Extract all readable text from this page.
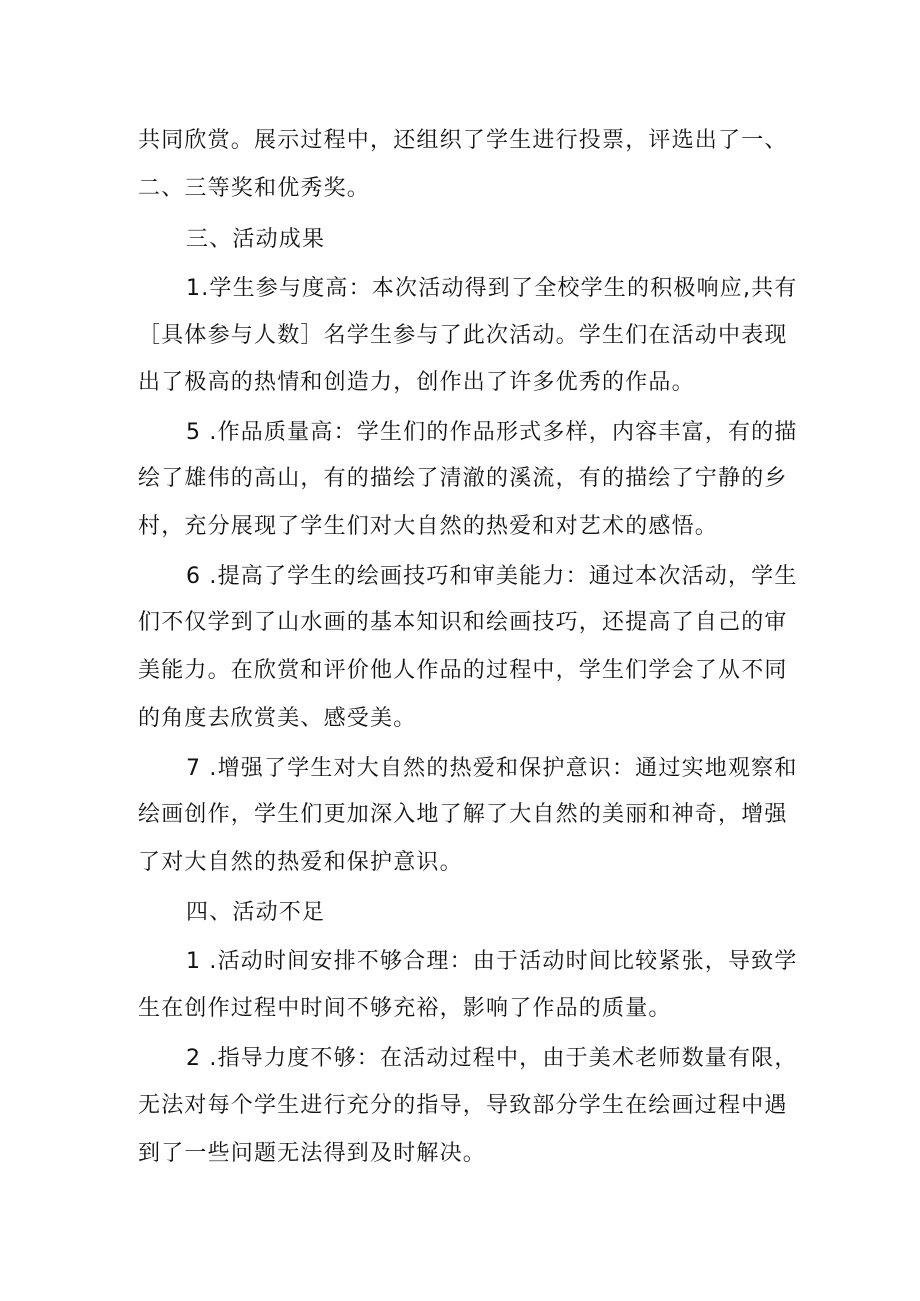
共同欣赏。展示过程中，还组织了学生进行投票，评选出了一、
二、三等奖和优秀奖。
三、活动成果
1.学生参与度高：本次活动得到了全校学生的积极响应,共有
［具体参与人数］名学生参与了此次活动。学生们在活动中表现
出了极高的热情和创造力，创作出了许多优秀的作品。
5 .作品质量高：学生们的作品形式多样，内容丰富，有的描
绘了雄伟的高山，有的描绘了清澈的溪流，有的描绘了宁静的乡
村，充分展现了学生们对大自然的热爱和对艺术的感悟。
6 .提高了学生的绘画技巧和审美能力：通过本次活动，学生
们不仅学到了山水画的基本知识和绘画技巧，还提高了自己的审
美能力。在欣赏和评价他人作品的过程中，学生们学会了从不同
的角度去欣赏美、感受美。
7 .增强了学生对大自然的热爱和保护意识：通过实地观察和
绘画创作，学生们更加深入地了解了大自然的美丽和神奇，增强
了对大自然的热爱和保护意识。
四、活动不足
1 .活动时间安排不够合理：由于活动时间比较紧张，导致学
生在创作过程中时间不够充裕，影响了作品的质量。
2 .指导力度不够：在活动过程中，由于美术老师数量有限，
无法对每个学生进行充分的指导，导致部分学生在绘画过程中遇
到了一些问题无法得到及时解决。
